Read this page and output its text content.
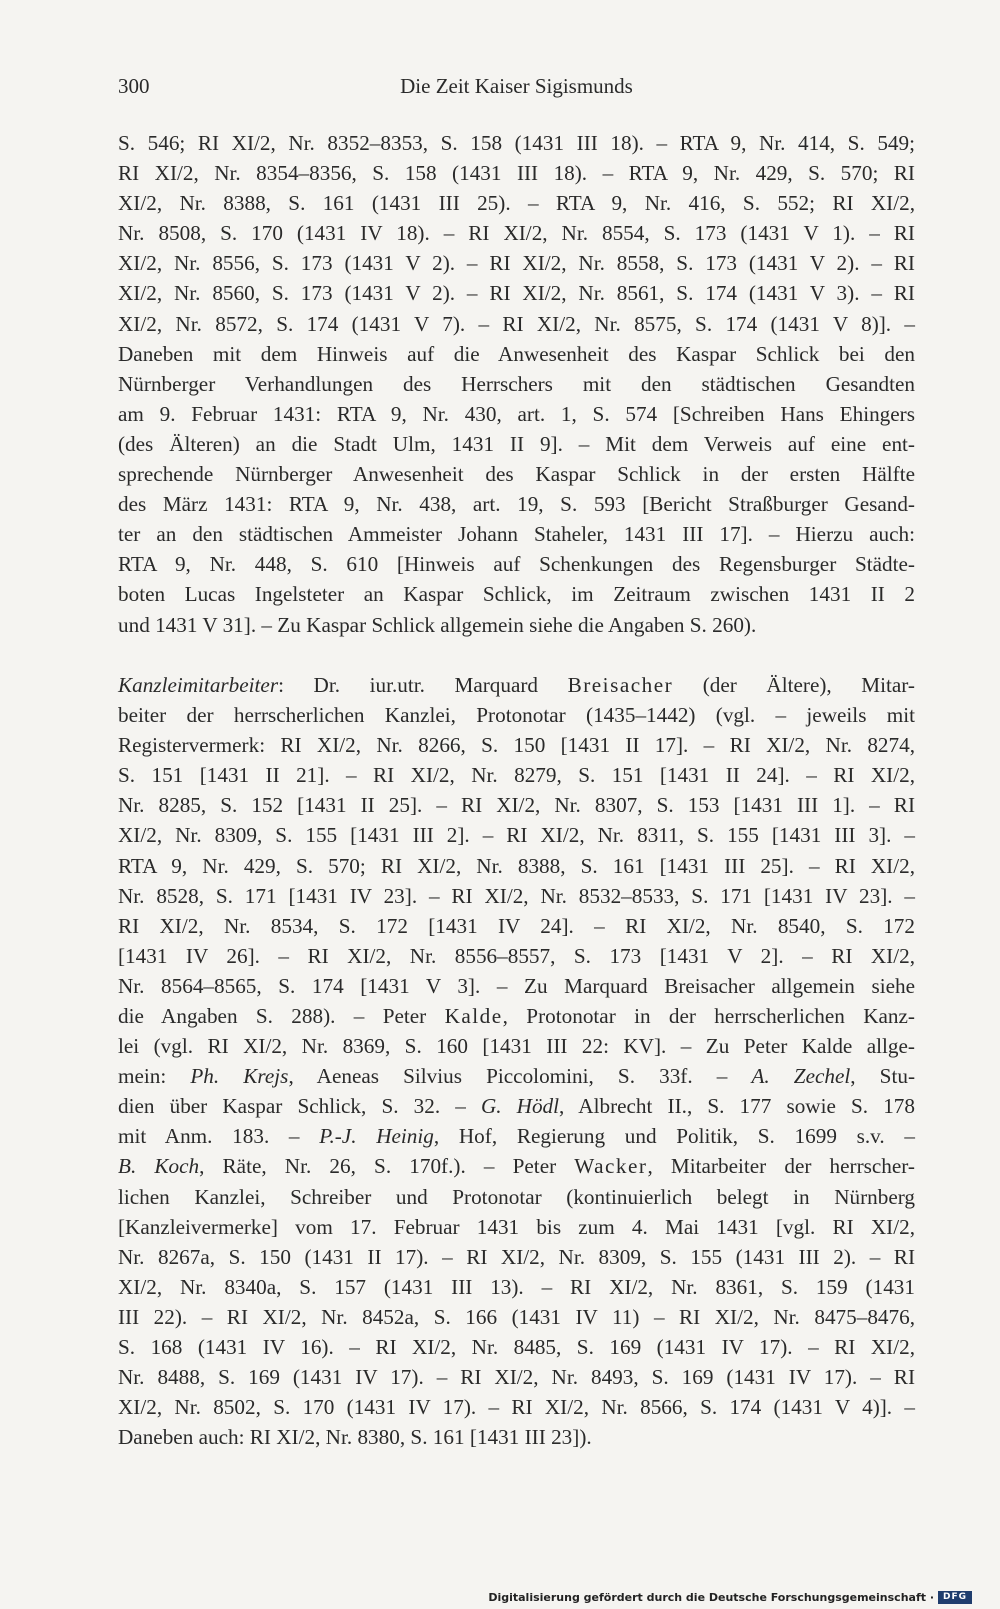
300	Die Zeit Kaiser Sigismunds
S. 546; RI XI/2, Nr. 8352–8353, S. 158 (1431 III 18). – RTA 9, Nr. 414, S. 549;
RI XI/2, Nr. 8354–8356, S. 158 (1431 III 18). – RTA 9, Nr. 429, S. 570; RI
XI/2, Nr. 8388, S. 161 (1431 III 25). – RTA 9, Nr. 416, S. 552; RI XI/2,
Nr. 8508, S. 170 (1431 IV 18). – RI XI/2, Nr. 8554, S. 173 (1431 V 1). – RI
XI/2, Nr. 8556, S. 173 (1431 V 2). – RI XI/2, Nr. 8558, S. 173 (1431 V 2). – RI
XI/2, Nr. 8560, S. 173 (1431 V 2). – RI XI/2, Nr. 8561, S. 174 (1431 V 3). – RI
XI/2, Nr. 8572, S. 174 (1431 V 7). – RI XI/2, Nr. 8575, S. 174 (1431 V 8)]. –
Daneben mit dem Hinweis auf die Anwesenheit des Kaspar Schlick bei den
Nürnberger Verhandlungen des Herrschers mit den städtischen Gesandten
am 9. Februar 1431: RTA 9, Nr. 430, art. 1, S. 574 [Schreiben Hans Ehingers
(des Älteren) an die Stadt Ulm, 1431 II 9]. – Mit dem Verweis auf eine ent-
sprechende Nürnberger Anwesenheit des Kaspar Schlick in der ersten Hälfte
des März 1431: RTA 9, Nr. 438, art. 19, S. 593 [Bericht Straßburger Gesand-
ter an den städtischen Ammeister Johann Staheler, 1431 III 17]. – Hierzu auch:
RTA 9, Nr. 448, S. 610 [Hinweis auf Schenkungen des Regensburger Städte-
boten Lucas Ingelsteter an Kaspar Schlick, im Zeitraum zwischen 1431 II 2
und 1431 V 31]. – Zu Kaspar Schlick allgemein siehe die Angaben S. 260).
Kanzleimitarbeiter: Dr. iur.utr. Marquard Breisacher (der Ältere), Mitar-
beiter der herrscherlichen Kanzlei, Protonotar (1435–1442) (vgl. – jeweils mit
Registervermerk: RI XI/2, Nr. 8266, S. 150 [1431 II 17]. – RI XI/2, Nr. 8274,
S. 151 [1431 II 21]. – RI XI/2, Nr. 8279, S. 151 [1431 II 24]. – RI XI/2,
Nr. 8285, S. 152 [1431 II 25]. – RI XI/2, Nr. 8307, S. 153 [1431 III 1]. – RI
XI/2, Nr. 8309, S. 155 [1431 III 2]. – RI XI/2, Nr. 8311, S. 155 [1431 III 3]. –
RTA 9, Nr. 429, S. 570; RI XI/2, Nr. 8388, S. 161 [1431 III 25]. – RI XI/2,
Nr. 8528, S. 171 [1431 IV 23]. – RI XI/2, Nr. 8532–8533, S. 171 [1431 IV 23]. –
RI XI/2, Nr. 8534, S. 172 [1431 IV 24]. – RI XI/2, Nr. 8540, S. 172
[1431 IV 26]. – RI XI/2, Nr. 8556–8557, S. 173 [1431 V 2]. – RI XI/2,
Nr. 8564–8565, S. 174 [1431 V 3]. – Zu Marquard Breisacher allgemein siehe
die Angaben S. 288). – Peter Kalde, Protonotar in der herrscherlichen Kanz-
lei (vgl. RI XI/2, Nr. 8369, S. 160 [1431 III 22: KV]. – Zu Peter Kalde allge-
mein: Ph. Krejs, Aeneas Silvius Piccolomini, S. 33f. – A. Zechel, Stu-
dien über Kaspar Schlick, S. 32. – G. Hödl, Albrecht II., S. 177 sowie S. 178
mit Anm. 183. – P.-J. Heinig, Hof, Regierung und Politik, S. 1699 s.v. –
B. Koch, Räte, Nr. 26, S. 170f.). – Peter Wacker, Mitarbeiter der herrscher-
lichen Kanzlei, Schreiber und Protonotar (kontinuierlich belegt in Nürnberg
[Kanzleivermerke] vom 17. Februar 1431 bis zum 4. Mai 1431 [vgl. RI XI/2,
Nr. 8267a, S. 150 (1431 II 17). – RI XI/2, Nr. 8309, S. 155 (1431 III 2). – RI
XI/2, Nr. 8340a, S. 157 (1431 III 13). – RI XI/2, Nr. 8361, S. 159 (1431
III 22). – RI XI/2, Nr. 8452a, S. 166 (1431 IV 11) – RI XI/2, Nr. 8475–8476,
S. 168 (1431 IV 16). – RI XI/2, Nr. 8485, S. 169 (1431 IV 17). – RI XI/2,
Nr. 8488, S. 169 (1431 IV 17). – RI XI/2, Nr. 8493, S. 169 (1431 IV 17). – RI
XI/2, Nr. 8502, S. 170 (1431 IV 17). – RI XI/2, Nr. 8566, S. 174 (1431 V 4)]. –
Daneben auch: RI XI/2, Nr. 8380, S. 161 [1431 III 23]).
Digitalisierung gefördert durch die Deutsche Forschungsgemeinschaft · DFG
